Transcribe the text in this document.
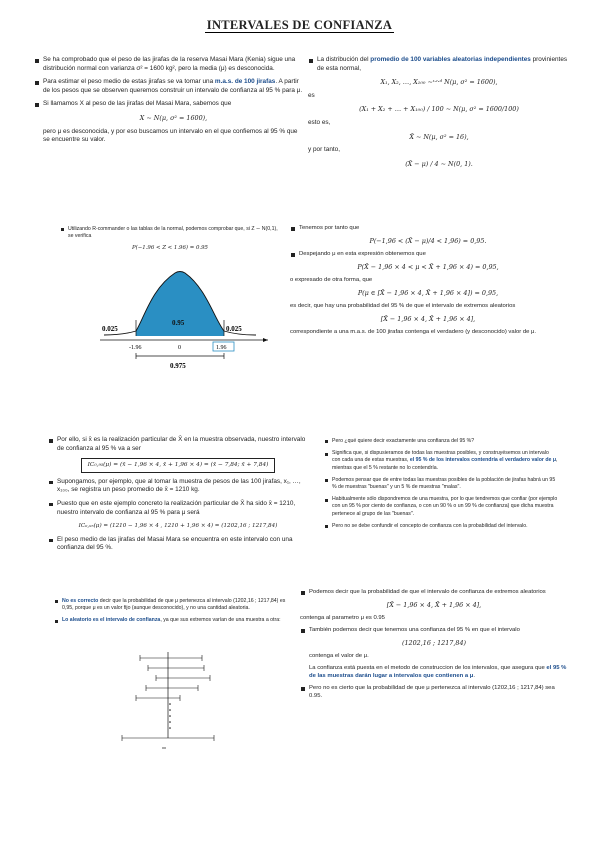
INTERVALES DE CONFIANZA
Se ha comprobado que el peso de las jirafas de la reserva Masai Mara (Kenia) sigue una distribución normal con varianza σ² = 1600 kg², pero la media (μ) es desconocida.
Para estimar el peso medio de estas jirafas se va tomar una m.a.s. de 100 jirafas. A partir de los pesos que se observen queremos construir un intervalo de confianza al 95 % para μ.
Si llamamos X al peso de las jirafas del Masai Mara, sabemos que
X ∼ N(μ, σ² = 1600),
pero μ es desconocida, y por eso buscamos un intervalo en el que confiemos al 95 % que se encuentre su valor.
La distribución del promedio de 100 variables aleatorias independientes provinientes de esta normal,
X₁, X₂, …, X₁₀₀ ∼ᶦ·ᶦ·ᵈ N(μ, σ² = 1600),
es
(X₁ + X₂ + … + X₁₀₀) / 100 ∼ N(μ, σ² = 1600/100)
esto es,
X̄ ∼ N(μ, σ² = 16),
y por tanto,
(X̄ − μ) / 4 ∼ N(0, 1).
Utilizando R-commander o las tablas de la normal, podemos comprobar que, si Z ∼ N(0,1), se verifica
P(−1.96 < Z < 1.96) = 0.95
0.025
0.95
0.025
-1.96	0	1.96
0.975
Tenemos por tanto que
P(−1,96 < (X̄ − μ)/4 < 1,96) = 0,95.
Despejando μ en esta expresión obtenemos que
P(X̄ − 1,96 × 4 < μ < X̄ + 1,96 × 4) = 0,95,
o expresado de otra forma, que
P(μ ∈ [X̄ − 1,96 × 4, X̄ + 1,96 × 4]) = 0,95,
es decir, que hay una probabilidad del 95 % de que el intervalo de extremos aleatorios
[X̄ − 1,96 × 4, X̄ + 1,96 × 4],
correspondiente a una m.a.s. de 100 jirafas contenga el verdadero (y desconocido) valor de μ.
Por ello, si x̄ es la realización particular de X̄ en la muestra observada, nuestro intervalo de confianza al 95 % va a ser
IC₀,₉₅(μ) = (x̄ − 1,96 × 4, x̄ + 1,96 × 4) = (x̄ − 7,84; x̄ + 7,84)
Supongamos, por ejemplo, que al tomar la muestra de pesos de las 100 jirafas, x₁, …, x₁₀₀, se registra un peso promedio de x̄ = 1210 kg.
Puesto que en este ejemplo concreto la realización particular de X̄ ha sido x̄ = 1210, nuestro intervalo de confianza al 95 % para μ será
IC₀,₉₅(μ) = (1210 − 1,96 × 4 , 1210 + 1,96 × 4) = (1202,16 ; 1217,84)
El peso medio de las jirafas del Masai Mara se encuentra en este intervalo con una confianza del 95 %.
Pero ¿qué quiere decir exactamente una confianza del 95 %?
Significa que, si dispusieramos de todas las muestras posibles, y construyésemos un intervalo con cada una de estas muestras, el 95 % de los intervalos contendría el verdadero valor de μ, mientras que el 5 % restante no lo contendría.
Podemos pensar que de entre todas las muestras posibles de la población de jirafas habrá un 95 % de muestras "buenas" y un 5 % de muestras "malas".
Habitualmente sólo dispondremos de una muestra, por lo que tendremos que confiar (por ejemplo con un 95 % por ciento de confianza, o con un 90 % o un 99 % de confianza) que dicha muestra pertenece al grupo de las "buenas".
Pero no se debe confundir el concepto de confianza con la probabilidad del intervalo.
No es correcto decir que la probabilidad de que μ pertenezca al intervalo (1202,16 ; 1217,84) es 0,95, porque μ es un valor fijo (aunque desconocido), y no una cantidad aleatoria.
Lo aleatorio es el intervalo de confianza, ya que sus extremos varían de una muestra a otra:
Podemos decir que la probabilidad de que el intervalo de confianza de extremos aleatorios
[X̄ − 1,96 × 4, X̄ + 1,96 × 4],
contenga al parametro μ es 0.95
También podemos decir que tenemos una confianza del 95 % en que el intervalo
(1202,16 ; 1217,84)
contenga el valor de μ.
La confianza está puesta en el metodo de construccion de los intervalos, que asegura que el 95 % de las muestras darán lugar a intervalos que contienen a μ.
Pero no es cierto que la probabilidad de que μ pertenezca al intervalo (1202,16 ; 1217,84) sea 0.95.
